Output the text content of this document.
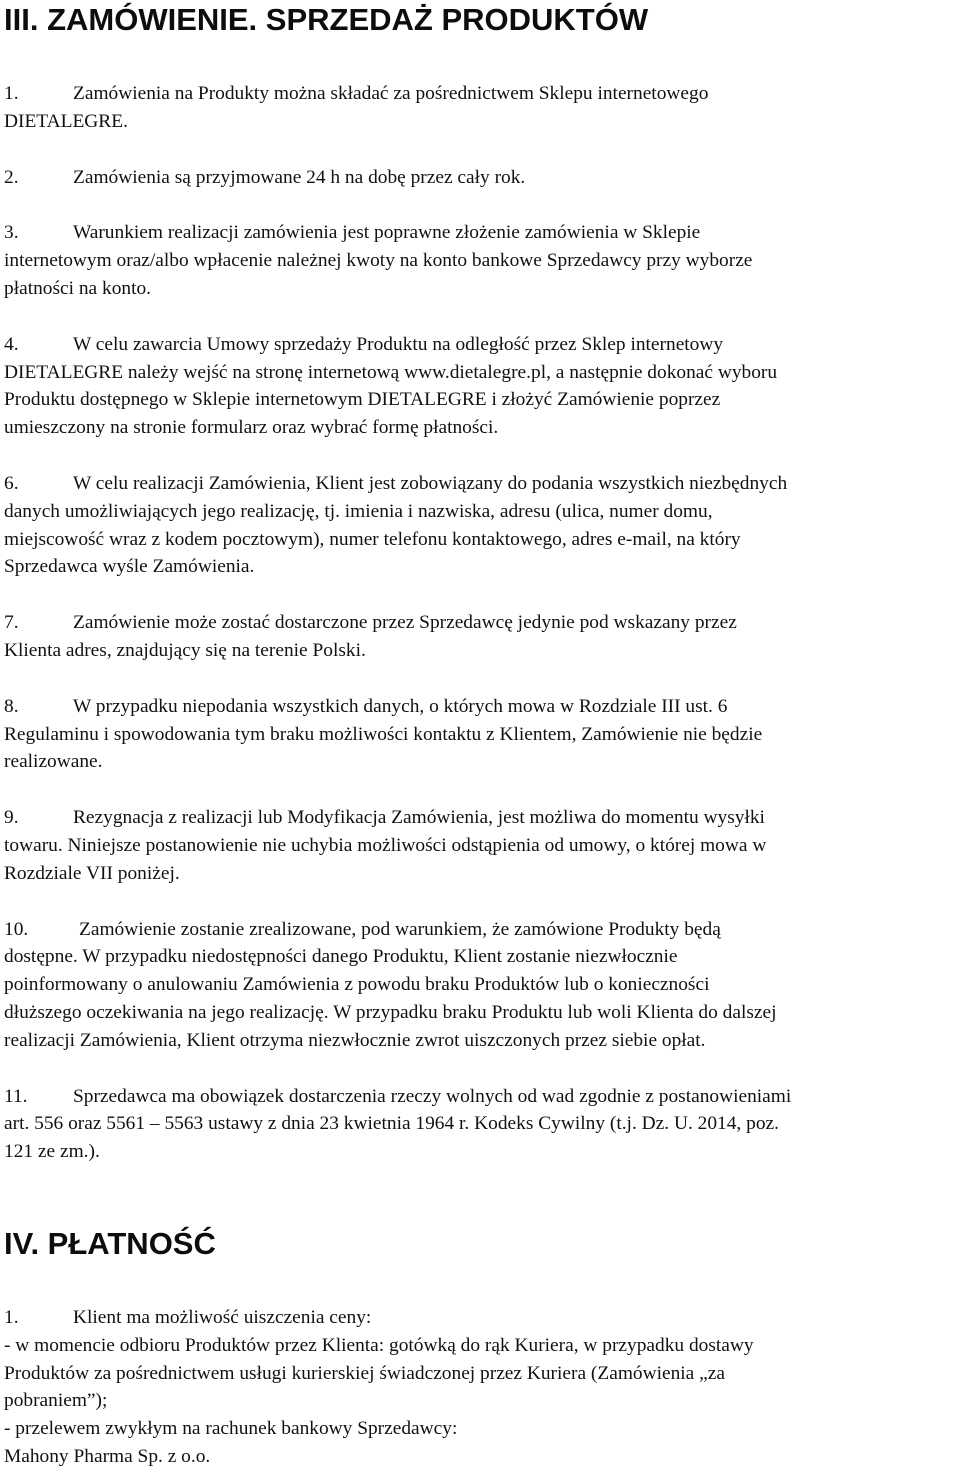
III. ZAMÓWIENIE. SPRZEDAŻ PRODUKTÓW

1.	Zamówienia na Produkty można składać za pośrednictwem Sklepu internetowego
DIETALEGRE.

2.	Zamówienia są przyjmowane 24 h na dobę przez cały rok.

3.	Warunkiem realizacji zamówienia jest poprawne złożenie zamówienia w Sklepie
internetowym oraz/albo wpłacenie należnej kwoty na konto bankowe Sprzedawcy przy wyborze
płatności na konto.

4.	W celu zawarcia Umowy sprzedaży Produktu na odległość przez Sklep internetowy
DIETALEGRE należy wejść na stronę internetową www.dietalegre.pl, a następnie dokonać wyboru
Produktu dostępnego w Sklepie internetowym DIETALEGRE i złożyć Zamówienie poprzez
umieszczony na stronie formularz oraz wybrać formę płatności.

6.	W celu realizacji Zamówienia, Klient jest zobowiązany do podania wszystkich niezbędnych
danych umożliwiających jego realizację, tj. imienia i nazwiska, adresu (ulica, numer domu,
miejscowość wraz z kodem pocztowym), numer telefonu kontaktowego, adres e-mail, na który
Sprzedawca wyśle Zamówienia.

7.	Zamówienie może zostać dostarczone przez Sprzedawcę jedynie pod wskazany przez
Klienta adres, znajdujący się na terenie Polski.

8.	W przypadku niepodania wszystkich danych, o których mowa w Rozdziale III ust. 6
Regulaminu i spowodowania tym braku możliwości kontaktu z Klientem, Zamówienie nie będzie
realizowane.

9.	Rezygnacja z realizacji lub Modyfikacja Zamówienia, jest możliwa do momentu wysyłki
towaru. Niniejsze postanowienie nie uchybia możliwości odstąpienia od umowy, o której mowa w
Rozdziale VII poniżej.

10.	Zamówienie zostanie zrealizowane, pod warunkiem, że zamówione Produkty będą
dostępne. W przypadku niedostępności danego Produktu, Klient zostanie niezwłocznie
poinformowany o anulowaniu Zamówienia z powodu braku Produktów lub o konieczności
dłuższego oczekiwania na jego realizację. W przypadku braku Produktu lub woli Klienta do dalszej
realizacji Zamówienia, Klient otrzyma niezwłocznie zwrot uiszczonych przez siebie opłat.

11. Sprzedawca ma obowiązek dostarczenia rzeczy wolnych od wad zgodnie z postanowieniami
art. 556 oraz 5561 – 5563 ustawy z dnia 23 kwietnia 1964 r. Kodeks Cywilny (t.j. Dz. U. 2014, poz.
121 ze zm.).

IV. PŁATNOŚĆ

1.	Klient ma możliwość uiszczenia ceny:
- w momencie odbioru Produktów przez Klienta: gotówką do rąk Kuriera, w przypadku dostawy
Produktów za pośrednictwem usługi kurierskiej świadczonej przez Kuriera (Zamówienia „za
pobraniem”);
- przelewem zwykłym na rachunek bankowy Sprzedawcy:
Mahony Pharma Sp. z o.o.
